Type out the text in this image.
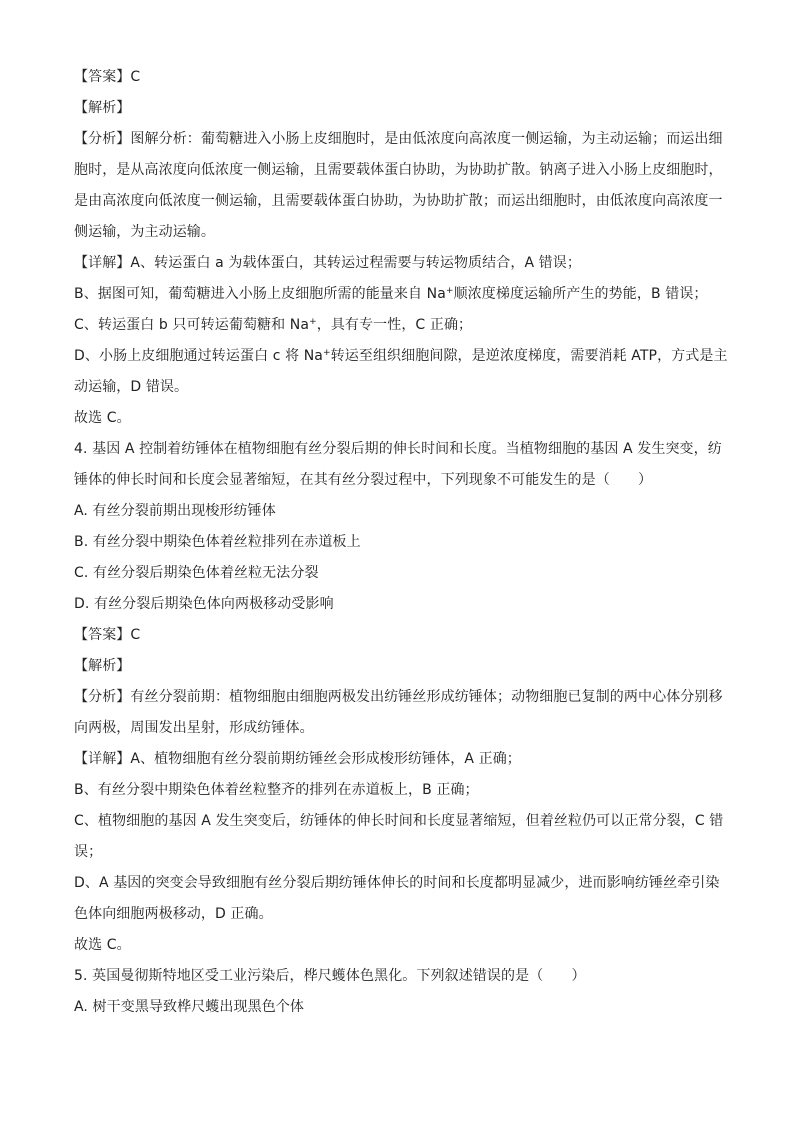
【答案】C
【解析】
【分析】图解分析：葡萄糖进入小肠上皮细胞时，是由低浓度向高浓度一侧运输，为主动运输；而运出细
胞时，是从高浓度向低浓度一侧运输，且需要载体蛋白协助，为协助扩散。钠离子进入小肠上皮细胞时，
是由高浓度向低浓度一侧运输，且需要载体蛋白协助，为协助扩散；而运出细胞时，由低浓度向高浓度一
侧运输，为主动运输。
【详解】A、转运蛋白 a 为载体蛋白，其转运过程需要与转运物质结合，A 错误；
B、据图可知，葡萄糖进入小肠上皮细胞所需的能量来自 Na+顺浓度梯度运输所产生的势能，B 错误；
C、转运蛋白 b 只可转运葡萄糖和 Na+，具有专一性，C 正确；
D、小肠上皮细胞通过转运蛋白 c 将 Na+转运至组织细胞间隙，是逆浓度梯度，需要消耗 ATP，方式是主
动运输，D 错误。
故选 C。
4. 基因 A 控制着纺锤体在植物细胞有丝分裂后期的伸长时间和长度。当植物细胞的基因 A 发生突变，纺
锤体的伸长时间和长度会显著缩短，在其有丝分裂过程中，下列现象不可能发生的是（　　）
A. 有丝分裂前期出现梭形纺锤体
B. 有丝分裂中期染色体着丝粒排列在赤道板上
C. 有丝分裂后期染色体着丝粒无法分裂
D. 有丝分裂后期染色体向两极移动受影响
【答案】C
【解析】
【分析】有丝分裂前期：植物细胞由细胞两极发出纺锤丝形成纺锤体；动物细胞已复制的两中心体分别移
向两极，周围发出星射，形成纺锤体。
【详解】A、植物细胞有丝分裂前期纺锤丝会形成梭形纺锤体，A 正确；
B、有丝分裂中期染色体着丝粒整齐的排列在赤道板上，B 正确；
C、植物细胞的基因 A 发生突变后，纺锤体的伸长时间和长度显著缩短，但着丝粒仍可以正常分裂，C 错
误；
D、A 基因的突变会导致细胞有丝分裂后期纺锤体伸长的时间和长度都明显减少，进而影响纺锤丝牵引染
色体向细胞两极移动，D 正确。
故选 C。
5. 英国曼彻斯特地区受工业污染后，桦尺蠖体色黑化。下列叙述错误的是（　　）
A. 树干变黑导致桦尺蠖出现黑色个体
